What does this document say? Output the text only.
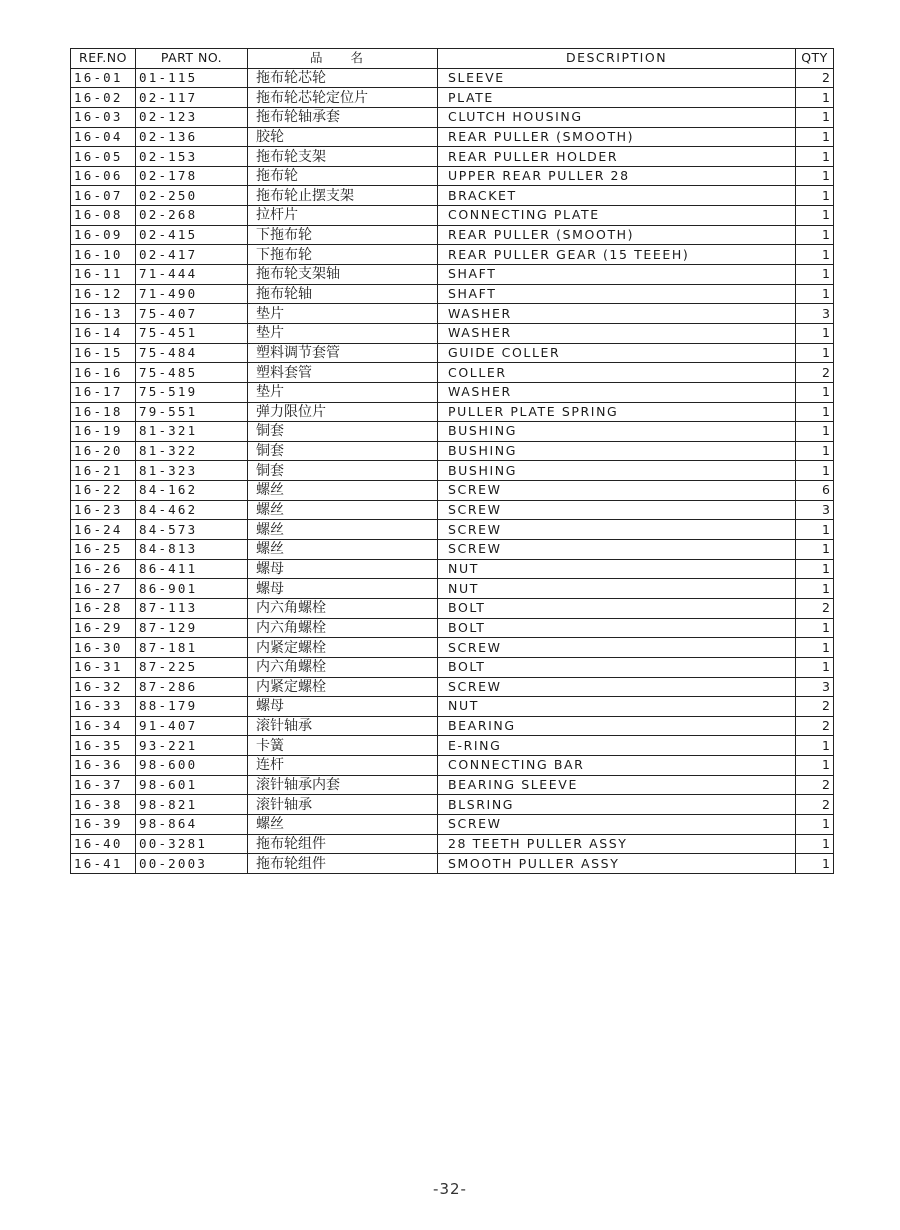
REF.NO	PART NO.	品 名	DESCRIPTION	QTY
16-01	01-115	拖布轮芯轮	SLEEVE	2
16-02	02-117	拖布轮芯轮定位片	PLATE	1
16-03	02-123	拖布轮轴承套	CLUTCH HOUSING	1
16-04	02-136	胶轮	REAR PULLER (SMOOTH)	1
16-05	02-153	拖布轮支架	REAR PULLER HOLDER	1
16-06	02-178	拖布轮	UPPER REAR PULLER 28	1
16-07	02-250	拖布轮止摆支架	BRACKET	1
16-08	02-268	拉杆片	CONNECTING PLATE	1
16-09	02-415	下拖布轮	REAR PULLER (SMOOTH)	1
16-10	02-417	下拖布轮	REAR PULLER GEAR (15 TEEEH)	1
16-11	71-444	拖布轮支架轴	SHAFT	1
16-12	71-490	拖布轮轴	SHAFT	1
16-13	75-407	垫片	WASHER	3
16-14	75-451	垫片	WASHER	1
16-15	75-484	塑料调节套管	GUIDE COLLER	1
16-16	75-485	塑料套管	COLLER	2
16-17	75-519	垫片	WASHER	1
16-18	79-551	弹力限位片	PULLER PLATE SPRING	1
16-19	81-321	铜套	BUSHING	1
16-20	81-322	铜套	BUSHING	1
16-21	81-323	铜套	BUSHING	1
16-22	84-162	螺丝	SCREW	6
16-23	84-462	螺丝	SCREW	3
16-24	84-573	螺丝	SCREW	1
16-25	84-813	螺丝	SCREW	1
16-26	86-411	螺母	NUT	1
16-27	86-901	螺母	NUT	1
16-28	87-113	内六角螺栓	BOLT	2
16-29	87-129	内六角螺栓	BOLT	1
16-30	87-181	内紧定螺栓	SCREW	1
16-31	87-225	内六角螺栓	BOLT	1
16-32	87-286	内紧定螺栓	SCREW	3
16-33	88-179	螺母	NUT	2
16-34	91-407	滚针轴承	BEARING	2
16-35	93-221	卡簧	E-RING	1
16-36	98-600	连杆	CONNECTING BAR	1
16-37	98-601	滚针轴承内套	BEARING SLEEVE	2
16-38	98-821	滚针轴承	BLSRING	2
16-39	98-864	螺丝	SCREW	1
16-40	00-3281	拖布轮组件	28 TEETH PULLER ASSY	1
16-41	00-2003	拖布轮组件	SMOOTH PULLER ASSY	1
-32-
